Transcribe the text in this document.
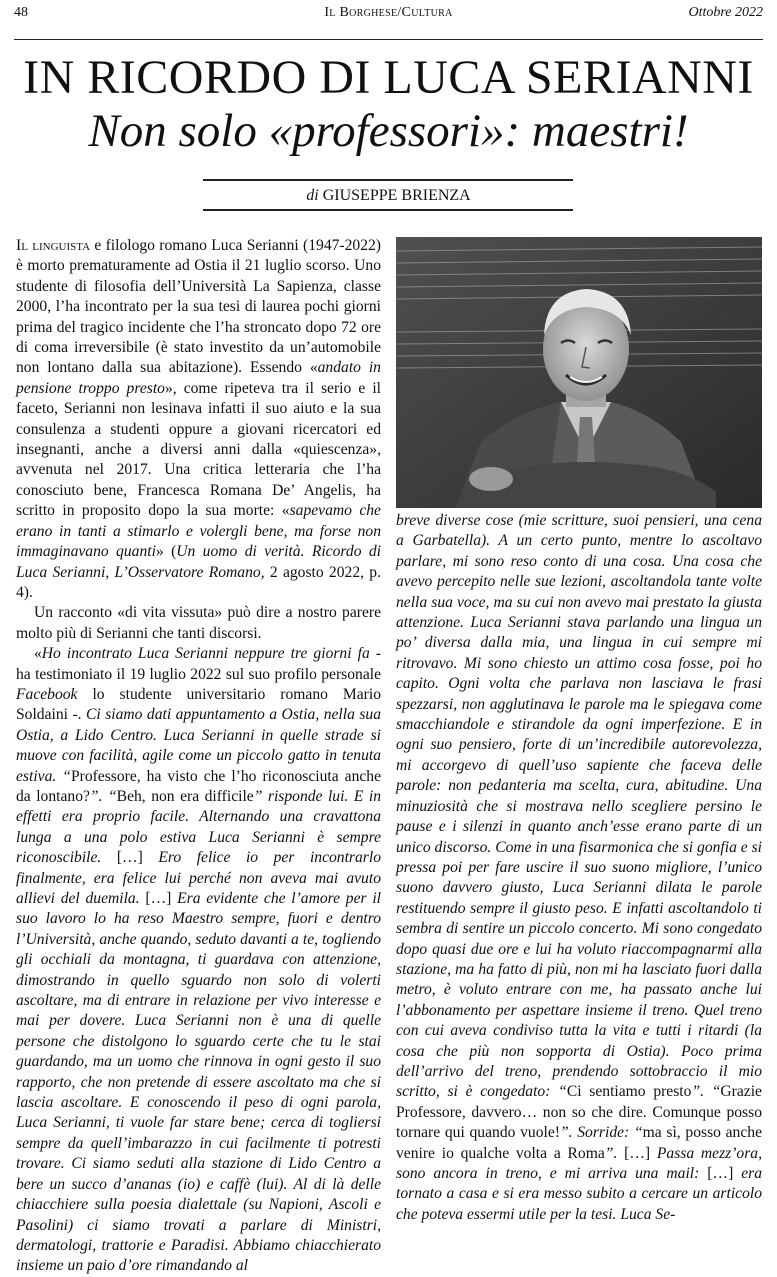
48	Il Borghese/Cultura	Ottobre 2022
IN RICORDO DI LUCA SERIANNI
Non solo «professori»: maestri!
di GIUSEPPE BRIENZA

Il linguista e filologo romano Luca Serianni (1947-2022) è morto prematuramente ad Ostia il 21 luglio scorso. Uno studente di filosofia dell’Università La Sapienza, classe 2000, l’ha incontrato per la sua tesi di laurea pochi giorni prima del tragico incidente che l’ha stroncato dopo 72 ore di coma irreversibile (è stato investito da un’automobile non lontano dalla sua abitazione). Essendo «andato in pensione troppo presto», come ripeteva tra il serio e il faceto, Serianni non lesinava infatti il suo aiuto e la sua consulenza a studenti oppure a giovani ricercatori ed insegnanti, anche a diversi anni dalla «quiescenza», avvenuta nel 2017. Una critica letteraria che l’ha conosciuto bene, Francesca Romana De’ Angelis, ha scritto in proposito dopo la sua morte: «sapevamo che erano in tanti a stimarlo e volergli bene, ma forse non immaginavano quanti» (Un uomo di verità. Ricordo di Luca Serianni, L’Osservatore Romano, 2 agosto 2022, p. 4).

Un racconto «di vita vissuta» può dire a nostro parere molto più di Serianni che tanti discorsi.

«Ho incontrato Luca Serianni neppure tre giorni fa - ha testimoniato il 19 luglio 2022 sul suo profilo personale Facebook lo studente universitario romano Mario Soldaini -. Ci siamo dati appuntamento a Ostia, nella sua Ostia, a Lido Centro. Luca Serianni in quelle strade si muove con facilità, agile come un piccolo gatto in tenuta estiva. “Professore, ha visto che l’ho riconosciuta anche da lontano?”. “Beh, non era difficile” risponde lui. E in effetti era proprio facile. Alternando una cravattona lunga a una polo estiva Luca Serianni è sempre riconoscibile. […] Ero felice io per incontrarlo finalmente, era felice lui perché non aveva mai avuto allievi del duemila. […] Era evidente che l’amore per il suo lavoro lo ha reso Maestro sempre, fuori e dentro l’Università, anche quando, seduto davanti a te, togliendo gli occhiali da montagna, ti guardava con attenzione, dimostrando in quello sguardo non solo di volerti ascoltare, ma di entrare in relazione per vivo interesse e mai per dovere. Luca Serianni non è una di quelle persone che distolgono lo sguardo certe che tu le stai guardando, ma un uomo che rinnova in ogni gesto il suo rapporto, che non pretende di essere ascoltato ma che si lascia ascoltare. E conoscendo il peso di ogni parola, Luca Serianni, ti vuole far stare bene; cerca di togliersi sempre da quell’imbarazzo in cui facilmente ti potresti trovare. Ci siamo seduti alla stazione di Lido Centro a bere un succo d’ananas (io) e caffè (lui). Al di là delle chiacchiere sulla poesia dialettale (su Napioni, Ascoli e Pasolini) ci siamo trovati a parlare di Ministri, dermatologi, trattorie e Paradisi. Abbiamo chiacchierato insieme un paio d’ore rimandando al

breve diverse cose (mie scritture, suoi pensieri, una cena a Garbatella). A un certo punto, mentre lo ascoltavo parlare, mi sono reso conto di una cosa. Una cosa che avevo percepito nelle sue lezioni, ascoltandola tante volte nella sua voce, ma su cui non avevo mai prestato la giusta attenzione. Luca Serianni stava parlando una lingua un po’ diversa dalla mia, una lingua in cui sempre mi ritrovavo. Mi sono chiesto un attimo cosa fosse, poi ho capito. Ogni volta che parlava non lasciava le frasi spezzarsi, non agglutinava le parole ma le spiegava come smacchiandole e stirandole da ogni imperfezione. E in ogni suo pensiero, forte di un’incredibile autorevolezza, mi accorgevo di quell’uso sapiente che faceva delle parole: non pedanteria ma scelta, cura, abitudine. Una minuziosità che si mostrava nello scegliere persino le pause e i silenzi in quanto anch’esse erano parte di un unico discorso. Come in una fisarmonica che si gonfia e si pressa poi per fare uscire il suo suono migliore, l’unico suono davvero giusto, Luca Serianni dilata le parole restituendo sempre il giusto peso. E infatti ascoltandolo ti sembra di sentire un piccolo concerto. Mi sono congedato dopo quasi due ore e lui ha voluto riaccompagnarmi alla stazione, ma ha fatto di più, non mi ha lasciato fuori dalla metro, è voluto entrare con me, ha passato anche lui l’abbonamento per aspettare insieme il treno. Quel treno con cui aveva condiviso tutta la vita e tutti i ritardi (la cosa che più non sopporta di Ostia). Poco prima dell’arrivo del treno, prendendo sottobraccio il mio scritto, si è congedato: “Ci sentiamo presto”. “Grazie Professore, davvero… non so che dire. Comunque posso tornare qui quando vuole!”. Sorride: “ma sì, posso anche venire io qualche volta a Roma”. […] Passa mezz’ora, sono ancora in treno, e mi arriva una mail: […] era tornato a casa e si era messo subito a cercare un articolo che poteva essermi utile per la tesi. Luca Se-
